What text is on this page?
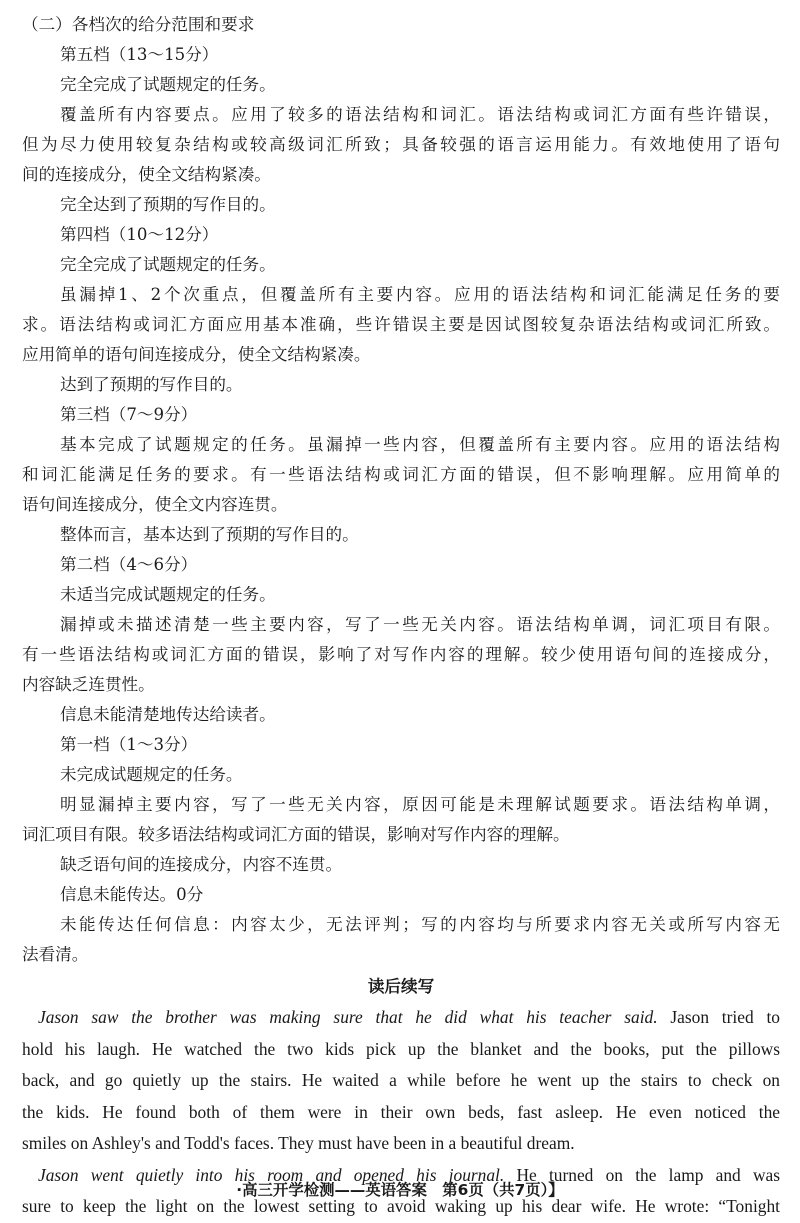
（二）各档次的给分范围和要求
第五档（13～15分）
完全完成了试题规定的任务。
覆盖所有内容要点。应用了较多的语法结构和词汇。语法结构或词汇方面有些许错误，
但为尽力使用较复杂结构或较高级词汇所致；具备较强的语言运用能力。有效地使用了语句
间的连接成分，使全文结构紧凑。
完全达到了预期的写作目的。
第四档（10～12分）
完全完成了试题规定的任务。
虽漏掉1、2个次重点，但覆盖所有主要内容。应用的语法结构和词汇能满足任务的要
求。语法结构或词汇方面应用基本准确，些许错误主要是因试图较复杂语法结构或词汇所致。
应用简单的语句间连接成分，使全文结构紧凑。
达到了预期的写作目的。
第三档（7～9分）
基本完成了试题规定的任务。虽漏掉一些内容，但覆盖所有主要内容。应用的语法结构
和词汇能满足任务的要求。有一些语法结构或词汇方面的错误，但不影响理解。应用简单的
语句间连接成分，使全文内容连贯。
整体而言，基本达到了预期的写作目的。
第二档（4～6分）
未适当完成试题规定的任务。
漏掉或未描述清楚一些主要内容，写了一些无关内容。语法结构单调，词汇项目有限。
有一些语法结构或词汇方面的错误，影响了对写作内容的理解。较少使用语句间的连接成分，
内容缺乏连贯性。
信息未能清楚地传达给读者。
第一档（1～3分）
未完成试题规定的任务。
明显漏掉主要内容，写了一些无关内容，原因可能是未理解试题要求。语法结构单调，
词汇项目有限。较多语法结构或词汇方面的错误，影响对写作内容的理解。
缺乏语句间的连接成分，内容不连贯。
信息未能传达。0分
未能传达任何信息：内容太少，无法评判；写的内容均与所要求内容无关或所写内容无
法看清。
读后续写
Jason saw the brother was making sure that he did what his teacher said. Jason tried to
hold his laugh. He watched the two kids pick up the blanket and the books, put the pillows
back, and go quietly up the stairs. He waited a while before he went up the stairs to check on
the kids. He found both of them were in their own beds, fast asleep. He even noticed the
smiles on Ashley's and Todd's faces. They must have been in a beautiful dream.
Jason went quietly into his room and opened his journal. He turned on the lamp and was
sure to keep the light on the lowest setting to avoid waking up his dear wife. He wrote: “Tonight
·高三开学检测——英语答案　第6页（共7页）】
